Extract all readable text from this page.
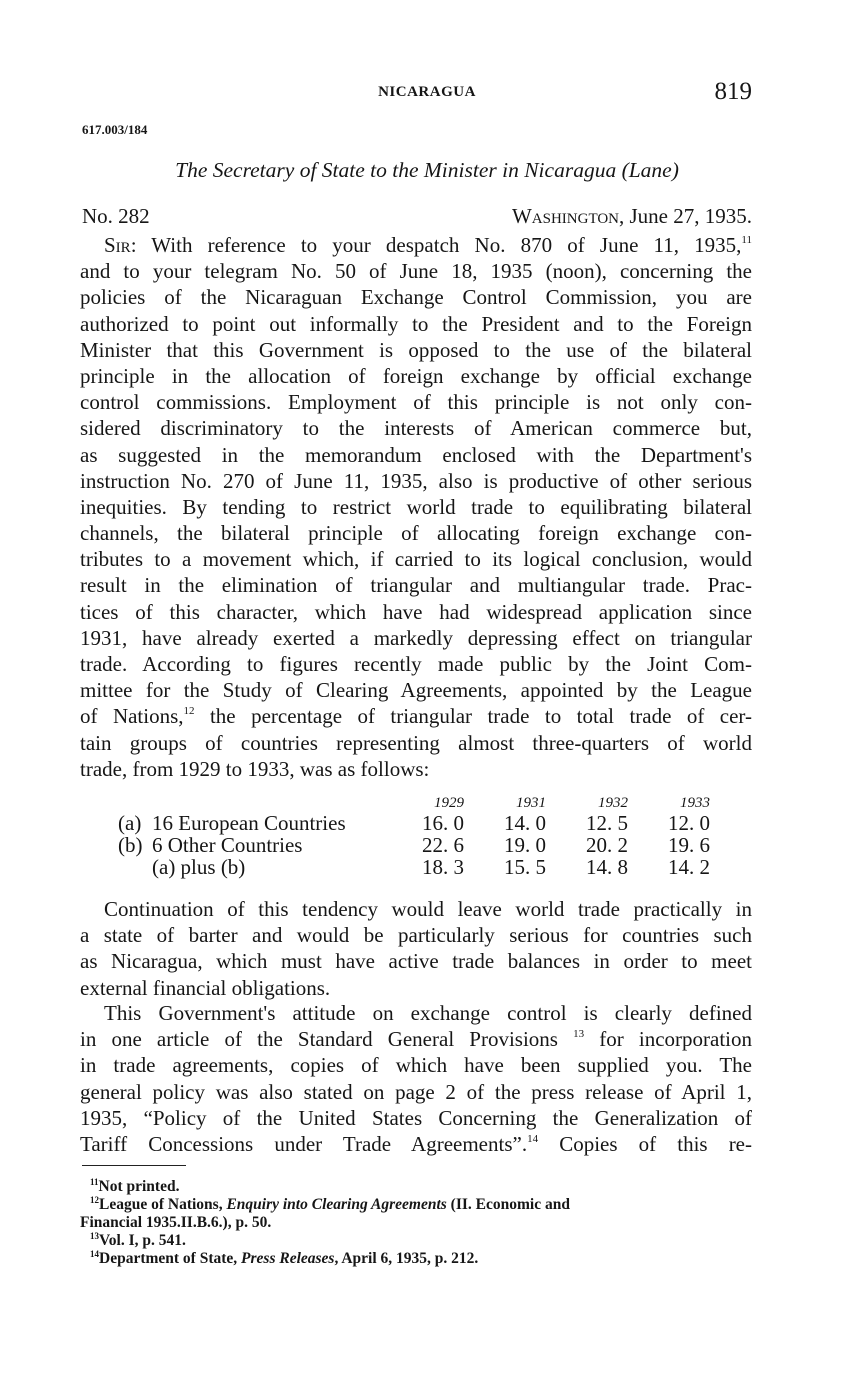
NICARAGUA	819
617.003/184
The Secretary of State to the Minister in Nicaragua (Lane)
No. 282	Washington, June 27, 1935.
Sir: With reference to your despatch No. 870 of June 11, 1935,11
and to your telegram No. 50 of June 18, 1935 (noon), concerning the
policies of the Nicaraguan Exchange Control Commission, you are
authorized to point out informally to the President and to the Foreign
Minister that this Government is opposed to the use of the bilateral
principle in the allocation of foreign exchange by official exchange
control commissions. Employment of this principle is not only con-
sidered discriminatory to the interests of American commerce but,
as suggested in the memorandum enclosed with the Department's
instruction No. 270 of June 11, 1935, also is productive of other serious
inequities. By tending to restrict world trade to equilibrating bilateral
channels, the bilateral principle of allocating foreign exchange con-
tributes to a movement which, if carried to its logical conclusion, would
result in the elimination of triangular and multiangular trade. Prac-
tices of this character, which have had widespread application since
1931, have already exerted a markedly depressing effect on triangular
trade. According to figures recently made public by the Joint Com-
mittee for the Study of Clearing Agreements, appointed by the League
of Nations,$^{12}$ the percentage of triangular trade to total trade of cer-
tain groups of countries representing almost three-quarters of world
trade, from 1929 to 1933, was as follows:
		1929	1931	1932	1933
(a)	16 European Countries	16. 0	14. 0	12. 5	12. 0
(b)	6 Other Countries	22. 6	19. 0	20. 2	19. 6
	(a) plus (b)	18. 3	15. 5	14. 8	14. 2
Continuation of this tendency would leave world trade practically in
a state of barter and would be particularly serious for countries such
as Nicaragua, which must have active trade balances in order to meet
external financial obligations.
This Government's attitude on exchange control is clearly defined
in one article of the Standard General Provisions $^{13}$ for incorporation
in trade agreements, copies of which have been supplied you. The
general policy was also stated on page 2 of the press release of April 1,
1935, “Policy of the United States Concerning the Generalization of
Tariff Concessions under Trade Agreements”.$^{14}$ Copies of this re-
$^{11}$Not printed.
$^{12}$League of Nations, Enquiry into Clearing Agreements (II. Economic and
Financial 1935.II.B.6.), p. 50.
$^{13}$Vol. I, p. 541.
$^{14}$Department of State, Press Releases, April 6, 1935, p. 212.
